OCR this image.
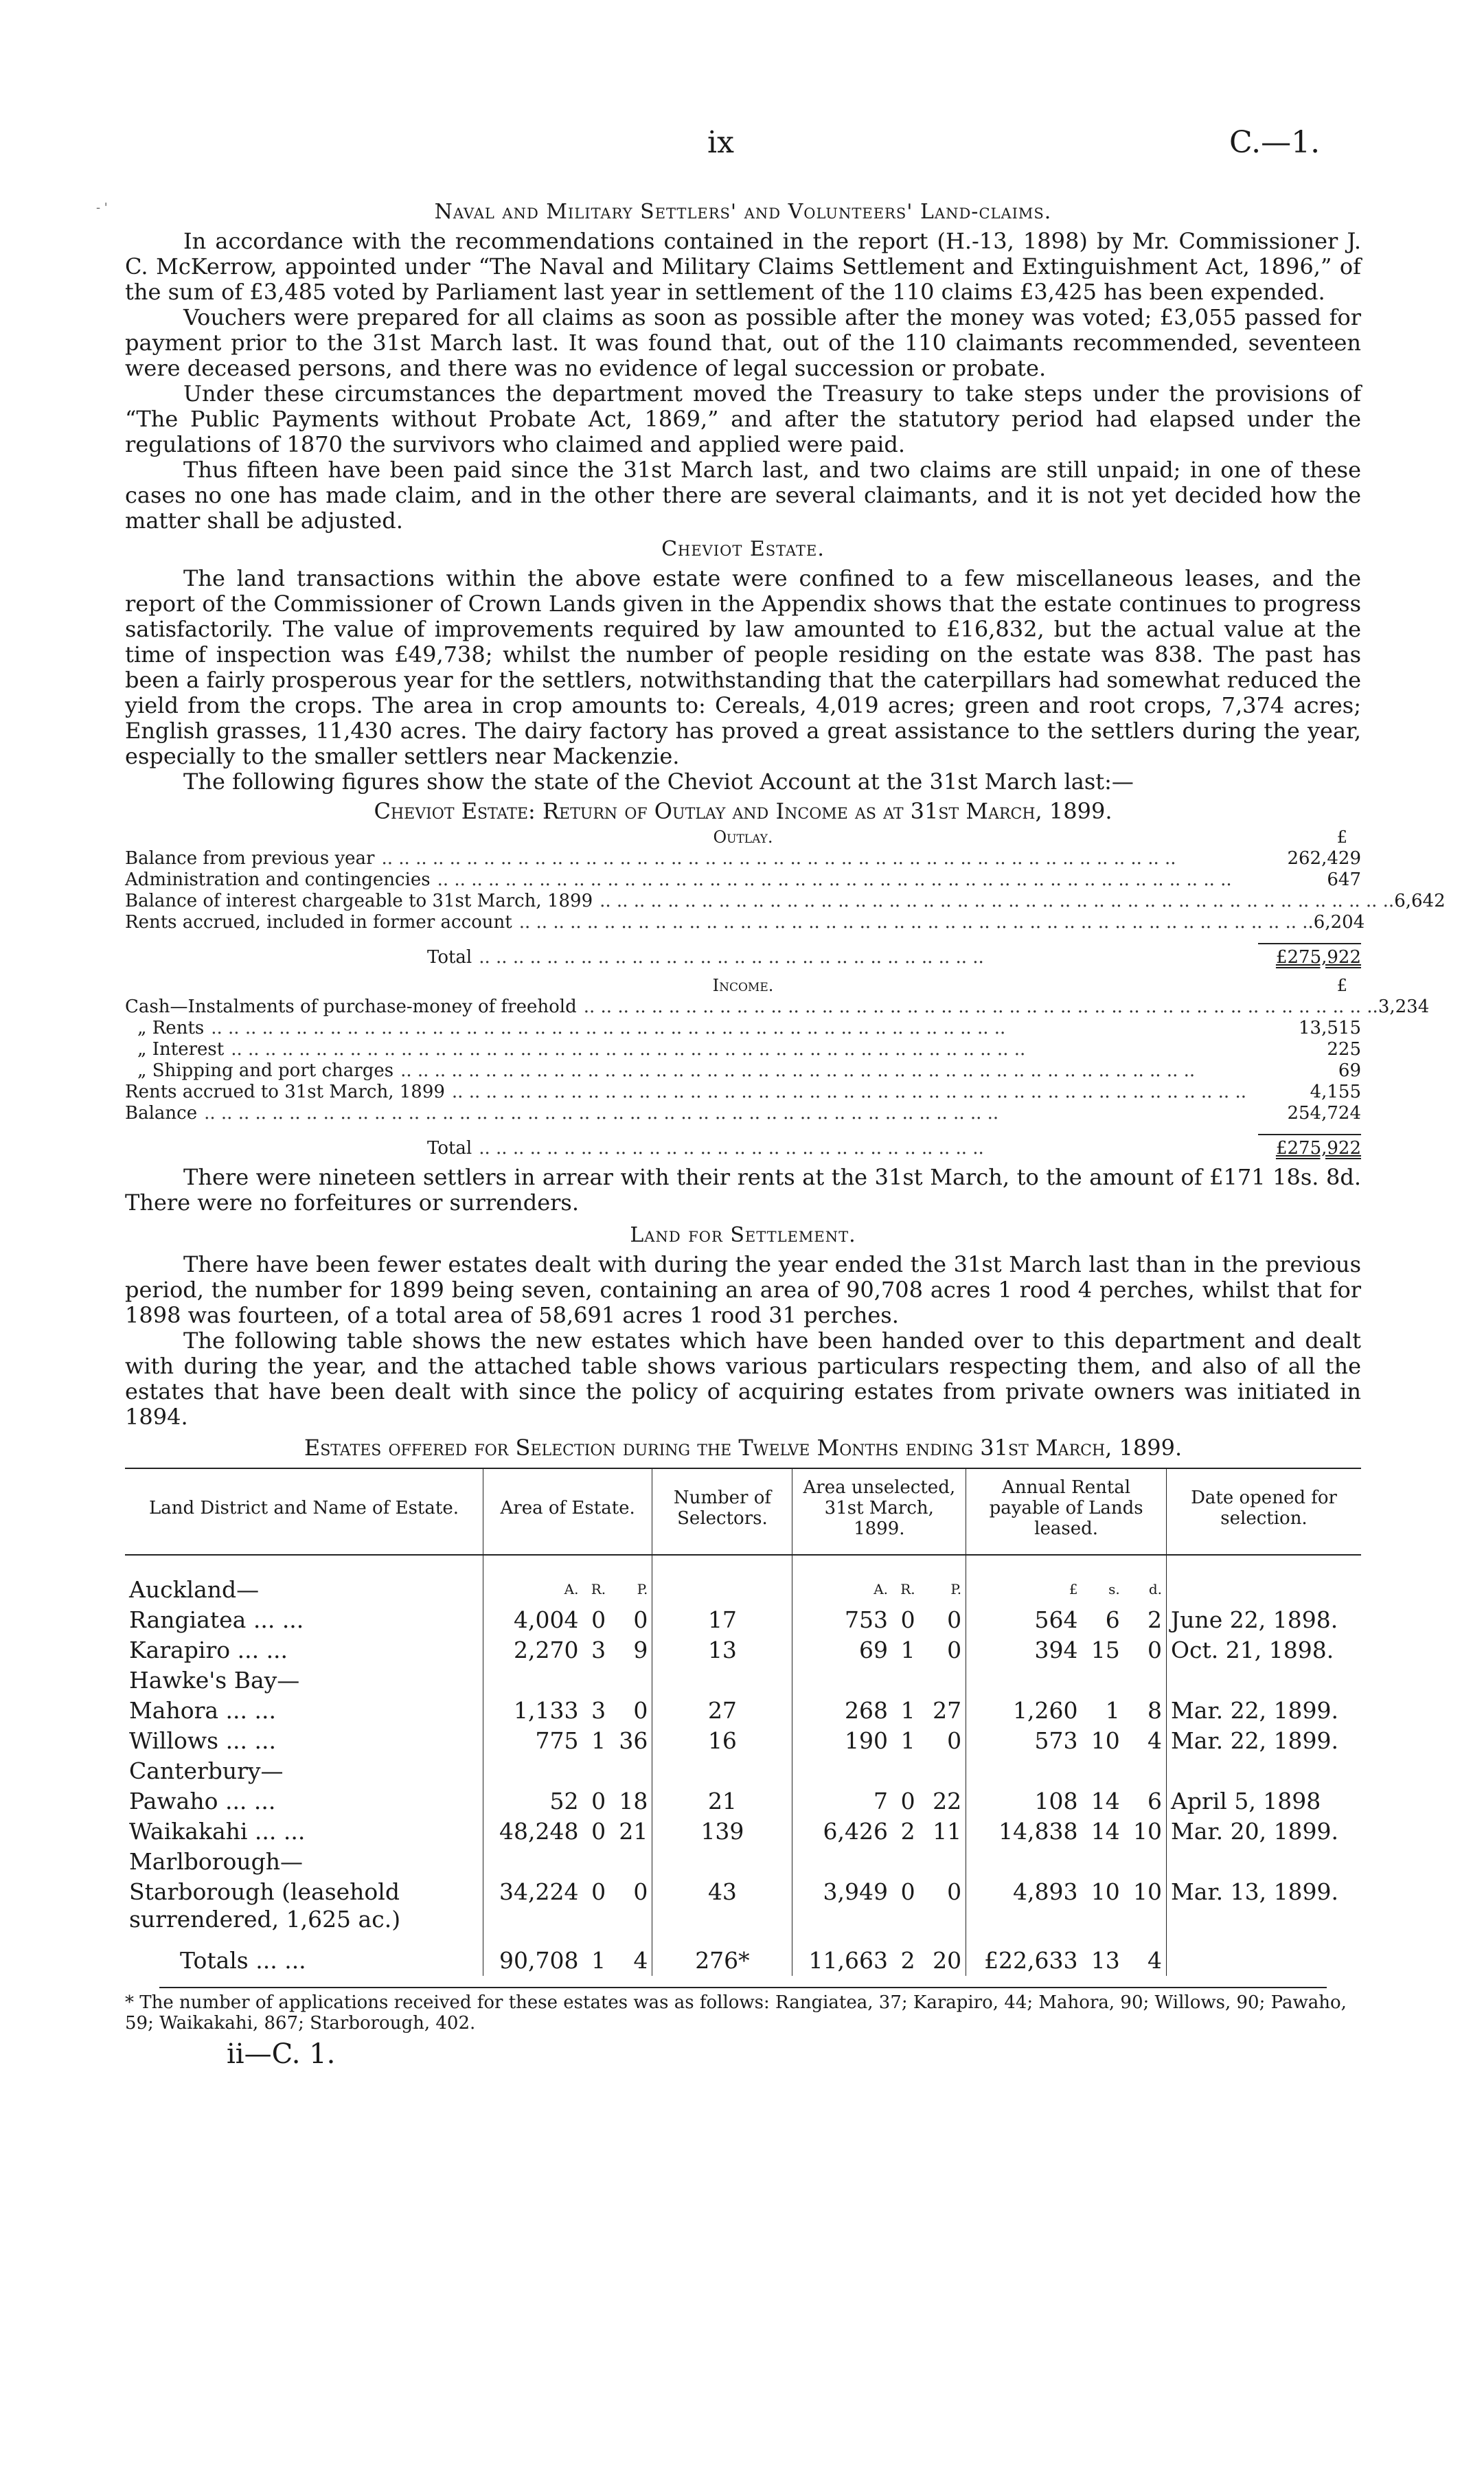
ix	C.—1.
- '	Naval and Military Settlers' and Volunteers' Land-claims.

In accordance with the recommendations contained in the report (H.-13, 1898) by Mr. Commissioner J. C. McKerrow, appointed under “The Naval and Military Claims Settlement and Extinguishment Act, 1896,” of the sum of £3,485 voted by Parliament last year in settlement of the 110 claims £3,425 has been expended.

Vouchers were prepared for all claims as soon as possible after the money was voted; £3,055 passed for payment prior to the 31st March last. It was found that, out of the 110 claimants recommended, seventeen were deceased persons, and there was no evidence of legal succession or probate.

Under these circumstances the department moved the Treasury to take steps under the provisions of “The Public Payments without Probate Act, 1869,” and after the statutory period had elapsed under the regulations of 1870 the survivors who claimed and applied were paid.

Thus fifteen have been paid since the 31st March last, and two claims are still unpaid; in one of these cases no one has made claim, and in the other there are several claimants, and it is not yet decided how the matter shall be adjusted.

Cheviot Estate.

The land transactions within the above estate were confined to a few miscellaneous leases, and the report of the Commissioner of Crown Lands given in the Appendix shows that the estate continues to progress satisfactorily. The value of improvements required by law amounted to £16,832, but the actual value at the time of inspection was £49,738; whilst the number of people residing on the estate was 838. The past has been a fairly prosperous year for the settlers, notwithstanding that the caterpillars had somewhat reduced the yield from the crops. The area in crop amounts to: Cereals, 4,019 acres; green and root crops, 7,374 acres; English grasses, 11,430 acres. The dairy factory has proved a great assistance to the settlers during the year, especially to the smaller settlers near Mackenzie.

The following figures show the state of the Cheviot Account at the 31st March last:—

Cheviot Estate: Return of Outlay and Income as at 31st March, 1899.
Outlay.	£
Balance from previous year .. .. .. .. .. .. .. .. .. .. .. .. .. .. .. .. .. .. .. .. .. .. .. .. .. .. .. .. .. .. .. .. .. .. .. .. .. .. .. .. .. .. .. .. .. .. ..	262,429
Administration and contingencies .. .. .. .. .. .. .. .. .. .. .. .. .. .. .. .. .. .. .. .. .. .. .. .. .. .. .. .. .. .. .. .. .. .. .. .. .. .. .. .. .. .. .. .. .. .. ..	647
Balance of interest chargeable to 31st March, 1899 .. .. .. .. .. .. .. .. .. .. .. .. .. .. .. .. .. .. .. .. .. .. .. .. .. .. .. .. .. .. .. .. .. .. .. .. .. .. .. .. .. .. .. .. .. .. .. 6,642
Rents accrued, included in former account .. .. .. .. .. .. .. .. .. .. .. .. .. .. .. .. .. .. .. .. .. .. .. .. .. .. .. .. .. .. .. .. .. .. .. .. .. .. .. .. .. .. .. .. .. .. .. 6,204
Total .. .. .. .. .. .. .. .. .. .. .. .. .. .. .. .. .. .. .. .. .. .. .. .. .. .. .. .. .. ..	£275,922
Income.	£
Cash—Instalments of purchase-money of freehold .. .. .. .. .. .. .. .. .. .. .. .. .. .. .. .. .. .. .. .. .. .. .. .. .. .. .. .. .. .. .. .. .. .. .. .. .. .. .. .. .. .. .. .. .. .. .. 3,234
„ Rents .. .. .. .. .. .. .. .. .. .. .. .. .. .. .. .. .. .. .. .. .. .. .. .. .. .. .. .. .. .. .. .. .. .. .. .. .. .. .. .. .. .. .. .. .. .. ..	13,515
„ Interest .. .. .. .. .. .. .. .. .. .. .. .. .. .. .. .. .. .. .. .. .. .. .. .. .. .. .. .. .. .. .. .. .. .. .. .. .. .. .. .. .. .. .. .. .. .. ..	225
„ Shipping and port charges .. .. .. .. .. .. .. .. .. .. .. .. .. .. .. .. .. .. .. .. .. .. .. .. .. .. .. .. .. .. .. .. .. .. .. .. .. .. .. .. .. .. .. .. .. .. ..	69
Rents accrued to 31st March, 1899 .. .. .. .. .. .. .. .. .. .. .. .. .. .. .. .. .. .. .. .. .. .. .. .. .. .. .. .. .. .. .. .. .. .. .. .. .. .. .. .. .. .. .. .. .. .. ..	4,155
Balance .. .. .. .. .. .. .. .. .. .. .. .. .. .. .. .. .. .. .. .. .. .. .. .. .. .. .. .. .. .. .. .. .. .. .. .. .. .. .. .. .. .. .. .. .. .. ..	254,724
Total .. .. .. .. .. .. .. .. .. .. .. .. .. .. .. .. .. .. .. .. .. .. .. .. .. .. .. .. .. ..	£275,922

There were nineteen settlers in arrear with their rents at the 31st March, to the amount of £171 18s. 8d. There were no forfeitures or surrenders.

Land for Settlement.

There have been fewer estates dealt with during the year ended the 31st March last than in the previous period, the number for 1899 being seven, containing an area of 90,708 acres 1 rood 4 perches, whilst that for 1898 was fourteen, of a total area of 58,691 acres 1 rood 31 perches.

The following table shows the new estates which have been handed over to this department and dealt with during the year, and the attached table shows various particulars respecting them, and also of all the estates that have been dealt with since the policy of acquiring estates from private owners was initiated in 1894.

Estates offered for Selection during the Twelve Months ending 31st March, 1899.
Land District and Name of Estate.	Area of Estate.			Number of Selectors.	Area unselected, 31st March, 1899.			Annual Rental payable of Lands leased.			Date opened for selection.
Auckland—	A.	R.	P.		A.	R.	P.	£	s.	d.	
Rangiatea ... ...	4,004	0	0	17	753	0	0	564	6	2	June 22, 1898.
Karapiro ... ...	2,270	3	9	13	69	1	0	394	15	0	Oct. 21, 1898.
Hawke's Bay—											
Mahora ... ...	1,133	3	0	27	268	1	27	1,260	1	8	Mar. 22, 1899.
Willows ... ...	775	1	36	16	190	1	0	573	10	4	Mar. 22, 1899.
Canterbury—											
Pawaho ... ...	52	0	18	21	7	0	22	108	14	6	April 5, 1898
Waikakahi ... ...	48,248	0	21	139	6,426	2	11	14,838	14	10	Mar. 20, 1899.
Marlborough—											
Starborough (leasehold surrendered, 1,625 ac.)	34,224	0	0	43	3,949	0	0	4,893	10	10	Mar. 13, 1899.
Totals ... ...	90,708	1	4	276*	11,663	2	20	£22,633	13	4	
* The number of applications received for these estates was as follows: Rangiatea, 37; Karapiro, 44; Mahora, 90; Willows, 90; Pawaho, 59; Waikakahi, 867; Starborough, 402.
ii—C. 1.
